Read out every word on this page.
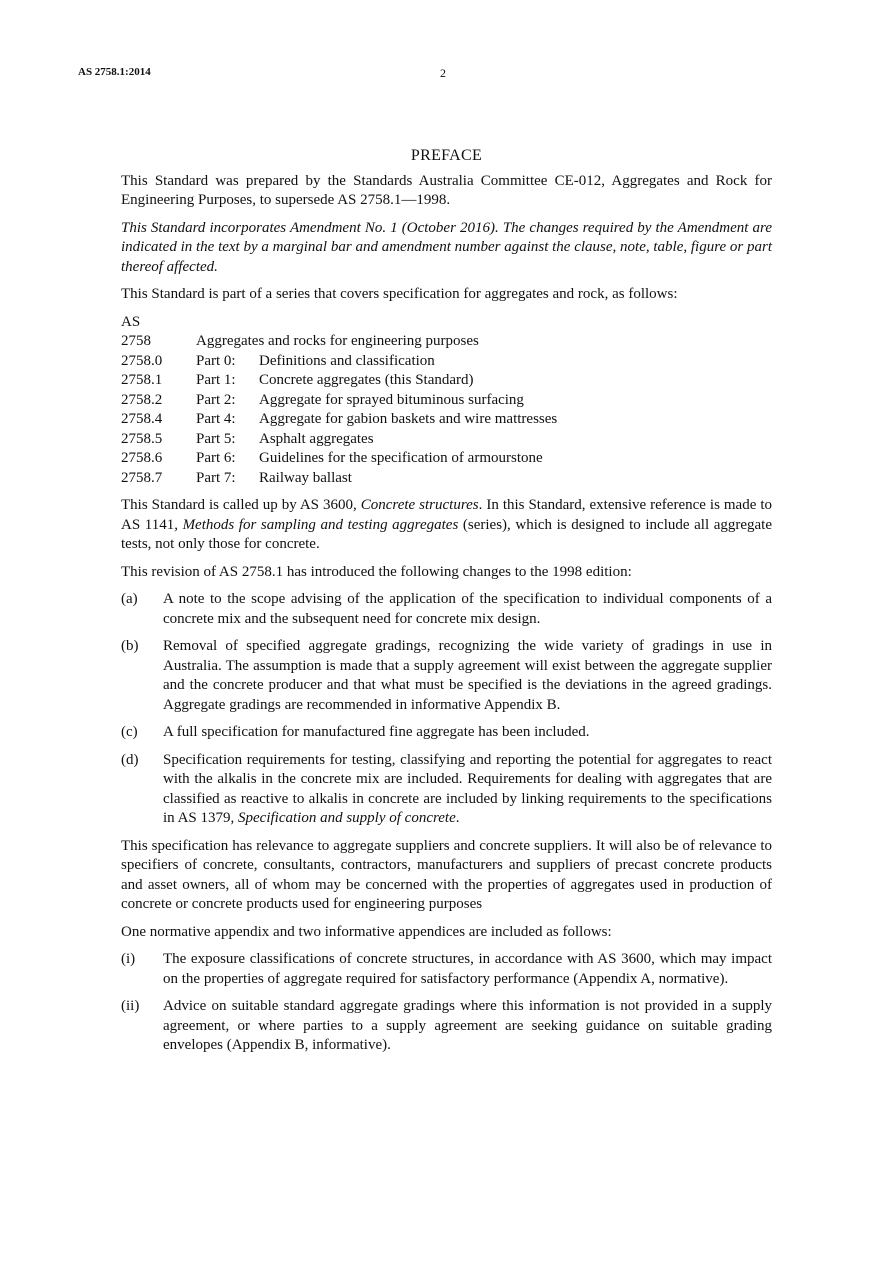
AS 2758.1:2014	2
PREFACE

This Standard was prepared by the Standards Australia Committee CE-012, Aggregates and Rock for Engineering Purposes, to supersede AS 2758.1—1998.

This Standard incorporates Amendment No. 1 (October 2016). The changes required by the Amendment are indicated in the text by a marginal bar and amendment number against the clause, note, table, figure or part thereof affected.

This Standard is part of a series that covers specification for aggregates and rock, as follows:

AS
2758	Aggregates and rocks for engineering purposes
2758.0	Part 0:	Definitions and classification
2758.1	Part 1:	Concrete aggregates (this Standard)
2758.2	Part 2:	Aggregate for sprayed bituminous surfacing
2758.4	Part 4:	Aggregate for gabion baskets and wire mattresses
2758.5	Part 5:	Asphalt aggregates
2758.6	Part 6:	Guidelines for the specification of armourstone
2758.7	Part 7:	Railway ballast

This Standard is called up by AS 3600, Concrete structures. In this Standard, extensive reference is made to AS 1141, Methods for sampling and testing aggregates (series), which is designed to include all aggregate tests, not only those for concrete.

This revision of AS 2758.1 has introduced the following changes to the 1998 edition:

(a)	A note to the scope advising of the application of the specification to individual components of a concrete mix and the subsequent need for concrete mix design.
(b)	Removal of specified aggregate gradings, recognizing the wide variety of gradings in use in Australia. The assumption is made that a supply agreement will exist between the aggregate supplier and the concrete producer and that what must be specified is the deviations in the agreed gradings. Aggregate gradings are recommended in informative Appendix B.
(c)	A full specification for manufactured fine aggregate has been included.
(d)	Specification requirements for testing, classifying and reporting the potential for aggregates to react with the alkalis in the concrete mix are included. Requirements for dealing with aggregates that are classified as reactive to alkalis in concrete are included by linking requirements to the specifications in AS 1379, Specification and supply of concrete.

This specification has relevance to aggregate suppliers and concrete suppliers. It will also be of relevance to specifiers of concrete, consultants, contractors, manufacturers and suppliers of precast concrete products and asset owners, all of whom may be concerned with the properties of aggregates used in production of concrete or concrete products used for engineering purposes

One normative appendix and two informative appendices are included as follows:

(i)	The exposure classifications of concrete structures, in accordance with AS 3600, which may impact on the properties of aggregate required for satisfactory performance (Appendix A, normative).
(ii)	Advice on suitable standard aggregate gradings where this information is not provided in a supply agreement, or where parties to a supply agreement are seeking guidance on suitable grading envelopes (Appendix B, informative).
